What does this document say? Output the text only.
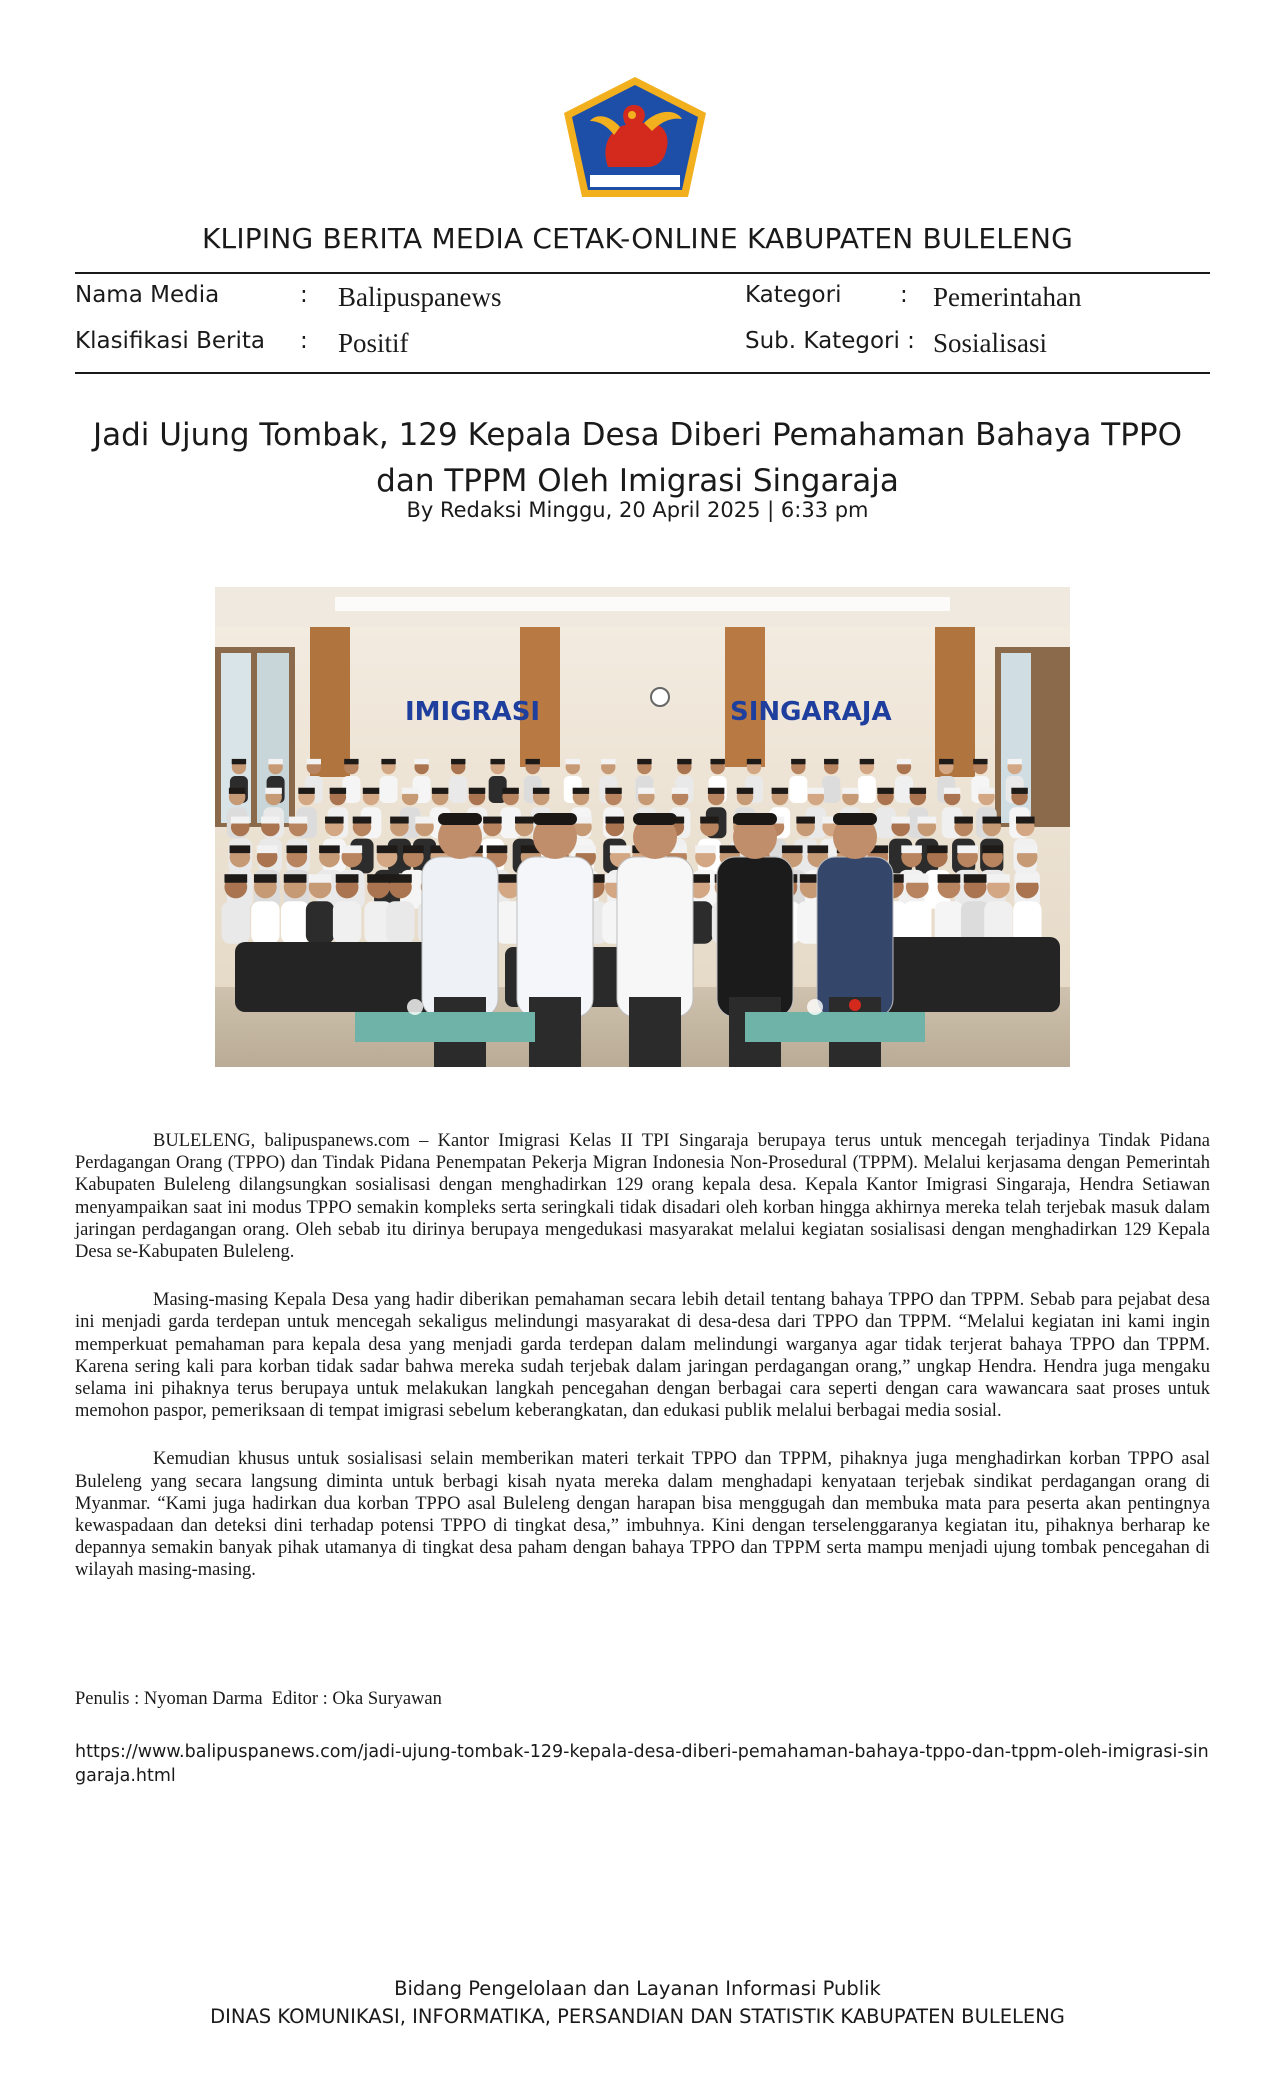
KLIPING BERITA MEDIA CETAK-ONLINE KABUPATEN BULELENG
Nama Media	: Balipuspanews	Kategori	: Pemerintahan
Klasifikasi Berita : Positif	Sub. Kategori : Sosialisasi
Jadi Ujung Tombak, 129 Kepala Desa Diberi Pemahaman Bahaya TPPO
dan TPPM Oleh Imigrasi Singaraja
By Redaksi Minggu, 20 April 2025 | 6:33 pm
IMIGRASI	SINGARAJA

BULELENG, balipuspanews.com – Kantor Imigrasi Kelas II TPI Singaraja berupaya terus untuk mencegah terjadinya Tindak Pidana Perdagangan Orang (TPPO) dan Tindak Pidana Penempatan Pekerja Migran Indonesia Non-Prosedural (TPPM). Melalui kerjasama dengan Pemerintah Kabupaten Buleleng dilangsungkan sosialisasi dengan menghadirkan 129 orang kepala desa. Kepala Kantor Imigrasi Singaraja, Hendra Setiawan menyampaikan saat ini modus TPPO semakin kompleks serta seringkali tidak disadari oleh korban hingga akhirnya mereka telah terjebak masuk dalam jaringan perdagangan orang. Oleh sebab itu dirinya berupaya mengedukasi masyarakat melalui kegiatan sosialisasi dengan menghadirkan 129 Kepala Desa se-Kabupaten Buleleng.

Masing-masing Kepala Desa yang hadir diberikan pemahaman secara lebih detail tentang bahaya TPPO dan TPPM. Sebab para pejabat desa ini menjadi garda terdepan untuk mencegah sekaligus melindungi masyarakat di desa-desa dari TPPO dan TPPM. “Melalui kegiatan ini kami ingin memperkuat pemahaman para kepala desa yang menjadi garda terdepan dalam melindungi warganya agar tidak terjerat bahaya TPPO dan TPPM. Karena sering kali para korban tidak sadar bahwa mereka sudah terjebak dalam jaringan perdagangan orang,” ungkap Hendra. Hendra juga mengaku selama ini pihaknya terus berupaya untuk melakukan langkah pencegahan dengan berbagai cara seperti dengan cara wawancara saat proses untuk memohon paspor, pemeriksaan di tempat imigrasi sebelum keberangkatan, dan edukasi publik melalui berbagai media sosial.

Kemudian khusus untuk sosialisasi selain memberikan materi terkait TPPO dan TPPM, pihaknya juga menghadirkan korban TPPO asal Buleleng yang secara langsung diminta untuk berbagi kisah nyata mereka dalam menghadapi kenyataan terjebak sindikat perdagangan orang di Myanmar. “Kami juga hadirkan dua korban TPPO asal Buleleng dengan harapan bisa menggugah dan membuka mata para peserta akan pentingnya kewaspadaan dan deteksi dini terhadap potensi TPPO di tingkat desa,” imbuhnya. Kini dengan terselenggaranya kegiatan itu, pihaknya berharap ke depannya semakin banyak pihak utamanya di tingkat desa paham dengan bahaya TPPO dan TPPM serta mampu menjadi ujung tombak pencegahan di wilayah masing-masing.

Penulis : Nyoman Darma  Editor : Oka Suryawan
https://www.balipuspanews.com/jadi-ujung-tombak-129-kepala-desa-diberi-pemahaman-bahaya-tppo-dan-tppm-oleh-imigrasi-singaraja.html
Bidang Pengelolaan dan Layanan Informasi Publik
DINAS KOMUNIKASI, INFORMATIKA, PERSANDIAN DAN STATISTIK KABUPATEN BULELENG
